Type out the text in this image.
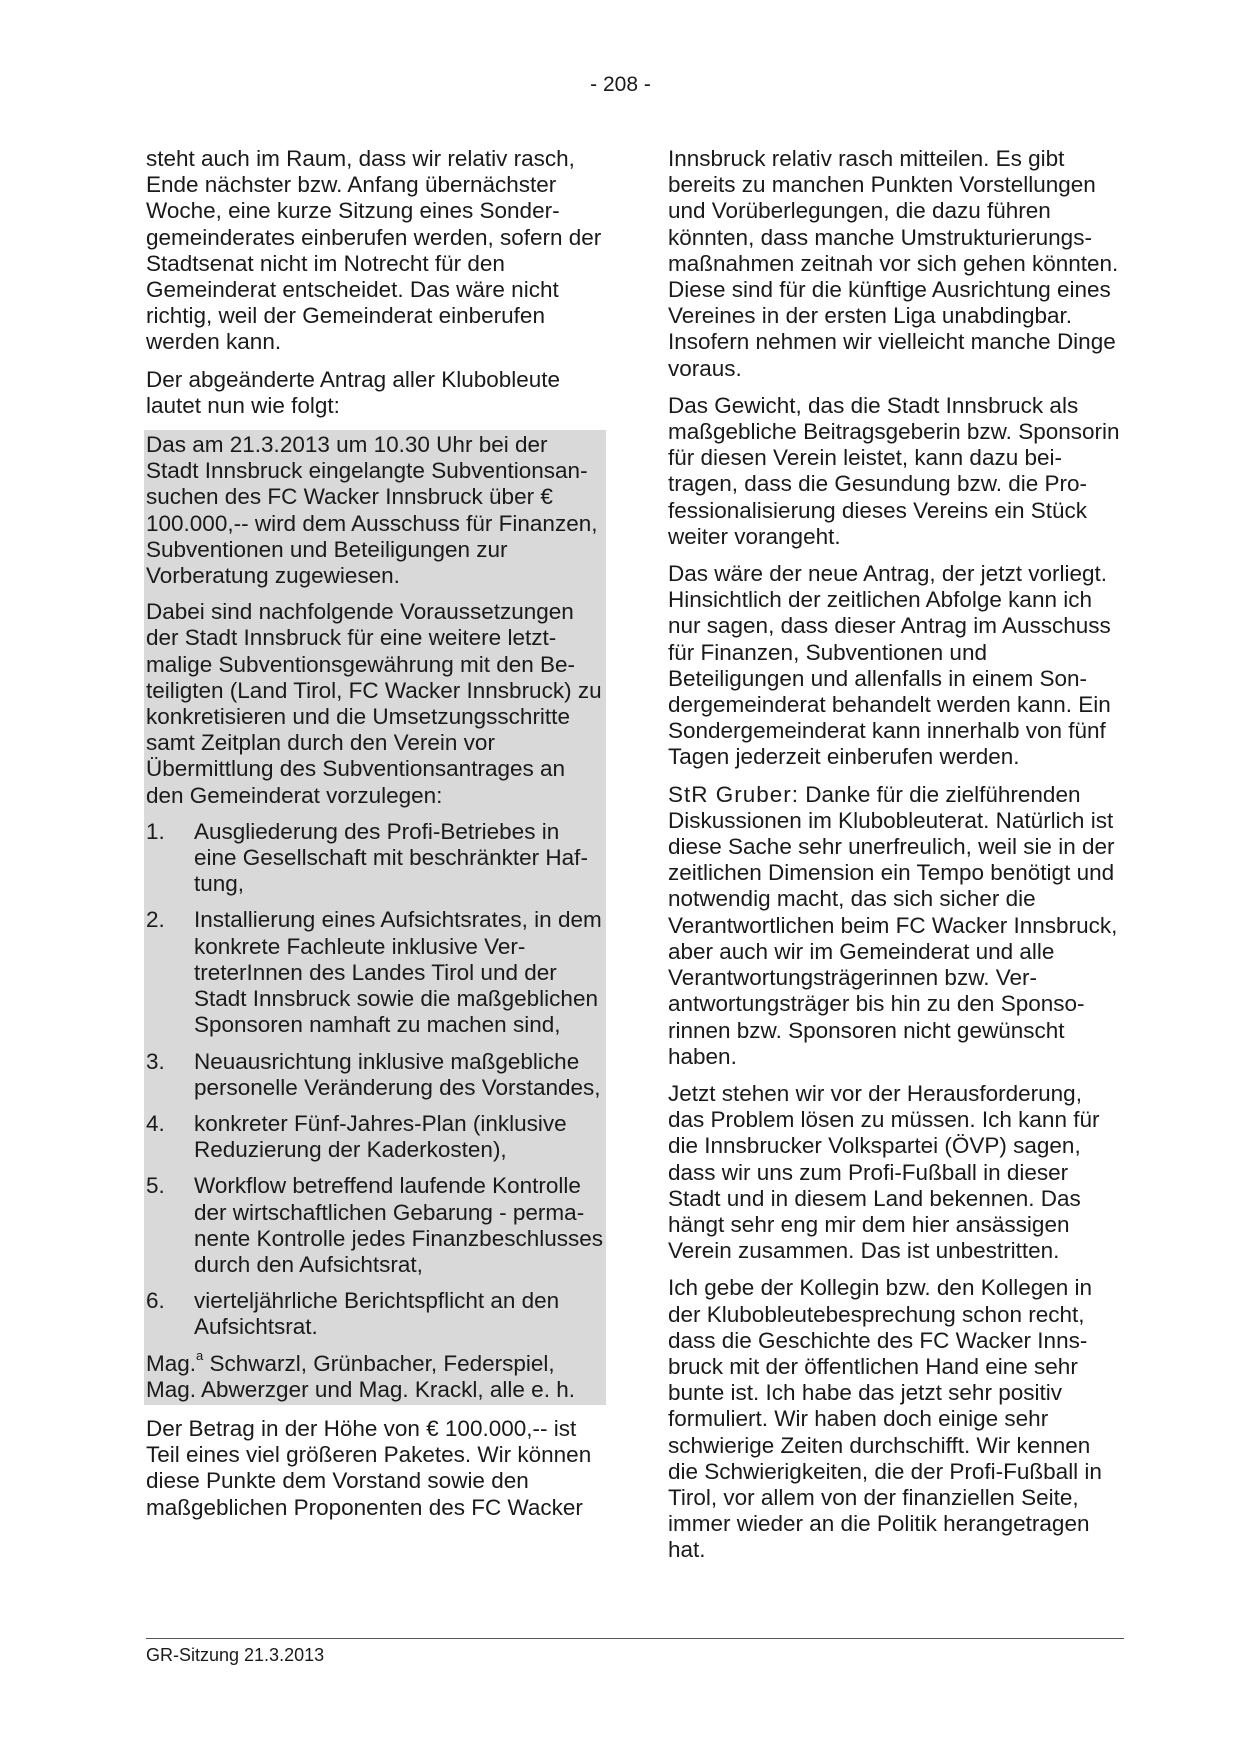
- 208 -

steht auch im Raum, dass wir relativ rasch, Ende nächster bzw. Anfang übernächster Woche, eine kurze Sitzung eines Sondergemeinderates einberufen werden, sofern der Stadtsenat nicht im Notrecht für den Gemeinderat entscheidet. Das wäre nicht richtig, weil der Gemeinderat einberufen werden kann.

Der abgeänderte Antrag aller Klubobleute lautet nun wie folgt:

Das am 21.3.2013 um 10.30 Uhr bei der Stadt Innsbruck eingelangte Subventionsansuchen des FC Wacker Innsbruck über € 100.000,-- wird dem Ausschuss für Finanzen, Subventionen und Beteiligungen zur Vorberatung zugewiesen.

Dabei sind nachfolgende Voraussetzungen der Stadt Innsbruck für eine weitere letztmalige Subventionsgewährung mit den Beteiligten (Land Tirol, FC Wacker Innsbruck) zu konkretisieren und die Umsetzungsschritte samt Zeitplan durch den Verein vor Übermittlung des Subventionsantrages an den Gemeinderat vorzulegen:

1.	Ausgliederung des Profi-Betriebes in eine Gesellschaft mit beschränkter Haftung,
2.	Installierung eines Aufsichtsrates, in dem konkrete Fachleute inklusive VertreterInnen des Landes Tirol und der Stadt Innsbruck sowie die maßgeblichen Sponsoren namhaft zu machen sind,
3.	Neuausrichtung inklusive maßgebliche personelle Veränderung des Vorstandes,
4.	konkreter Fünf-Jahres-Plan (inklusive Reduzierung der Kaderkosten),
5.	Workflow betreffend laufende Kontrolle der wirtschaftlichen Gebarung - permanente Kontrolle jedes Finanzbeschlusses durch den Aufsichtsrat,
6.	vierteljährliche Berichtspflicht an den Aufsichtsrat.

Mag.$^a$ Schwarzl, Grünbacher, Federspiel, Mag. Abwerzger und Mag. Krackl, alle e. h.

Der Betrag in der Höhe von € 100.000,-- ist Teil eines viel größeren Paketes. Wir können diese Punkte dem Vorstand sowie den maßgeblichen Proponenten des FC Wacker

Innsbruck relativ rasch mitteilen. Es gibt bereits zu manchen Punkten Vorstellungen und Vorüberlegungen, die dazu führen könnten, dass manche Umstrukturierungsmaßnahmen zeitnah vor sich gehen könnten. Diese sind für die künftige Ausrichtung eines Vereines in der ersten Liga unabdingbar. Insofern nehmen wir vielleicht manche Dinge voraus.

Das Gewicht, das die Stadt Innsbruck als maßgebliche Beitragsgeberin bzw. Sponsorin für diesen Verein leistet, kann dazu beitragen, dass die Gesundung bzw. die Professionalisierung dieses Vereins ein Stück weiter vorangeht.

Das wäre der neue Antrag, der jetzt vorliegt. Hinsichtlich der zeitlichen Abfolge kann ich nur sagen, dass dieser Antrag im Ausschuss für Finanzen, Subventionen und Beteiligungen und allenfalls in einem Sondergemeinderat behandelt werden kann. Ein Sondergemeinderat kann innerhalb von fünf Tagen jederzeit einberufen werden.

StR Gruber: Danke für die zielführenden Diskussionen im Klubobleuterat. Natürlich ist diese Sache sehr unerfreulich, weil sie in der zeitlichen Dimension ein Tempo benötigt und notwendig macht, das sich sicher die Verantwortlichen beim FC Wacker Innsbruck, aber auch wir im Gemeinderat und alle Verantwortungsträgerinnen bzw. Verantwortungsträger bis hin zu den Sponsorinnen bzw. Sponsoren nicht gewünscht haben.

Jetzt stehen wir vor der Herausforderung, das Problem lösen zu müssen. Ich kann für die Innsbrucker Volkspartei (ÖVP) sagen, dass wir uns zum Profi-Fußball in dieser Stadt und in diesem Land bekennen. Das hängt sehr eng mir dem hier ansässigen Verein zusammen. Das ist unbestritten.

Ich gebe der Kollegin bzw. den Kollegen in der Klubobleutebesprechung schon recht, dass die Geschichte des FC Wacker Innsbruck mit der öffentlichen Hand eine sehr bunte ist. Ich habe das jetzt sehr positiv formuliert. Wir haben doch einige sehr schwierige Zeiten durchschifft. Wir kennen die Schwierigkeiten, die der Profi-Fußball in Tirol, vor allem von der finanziellen Seite, immer wieder an die Politik herangetragen hat.

GR-Sitzung 21.3.2013
